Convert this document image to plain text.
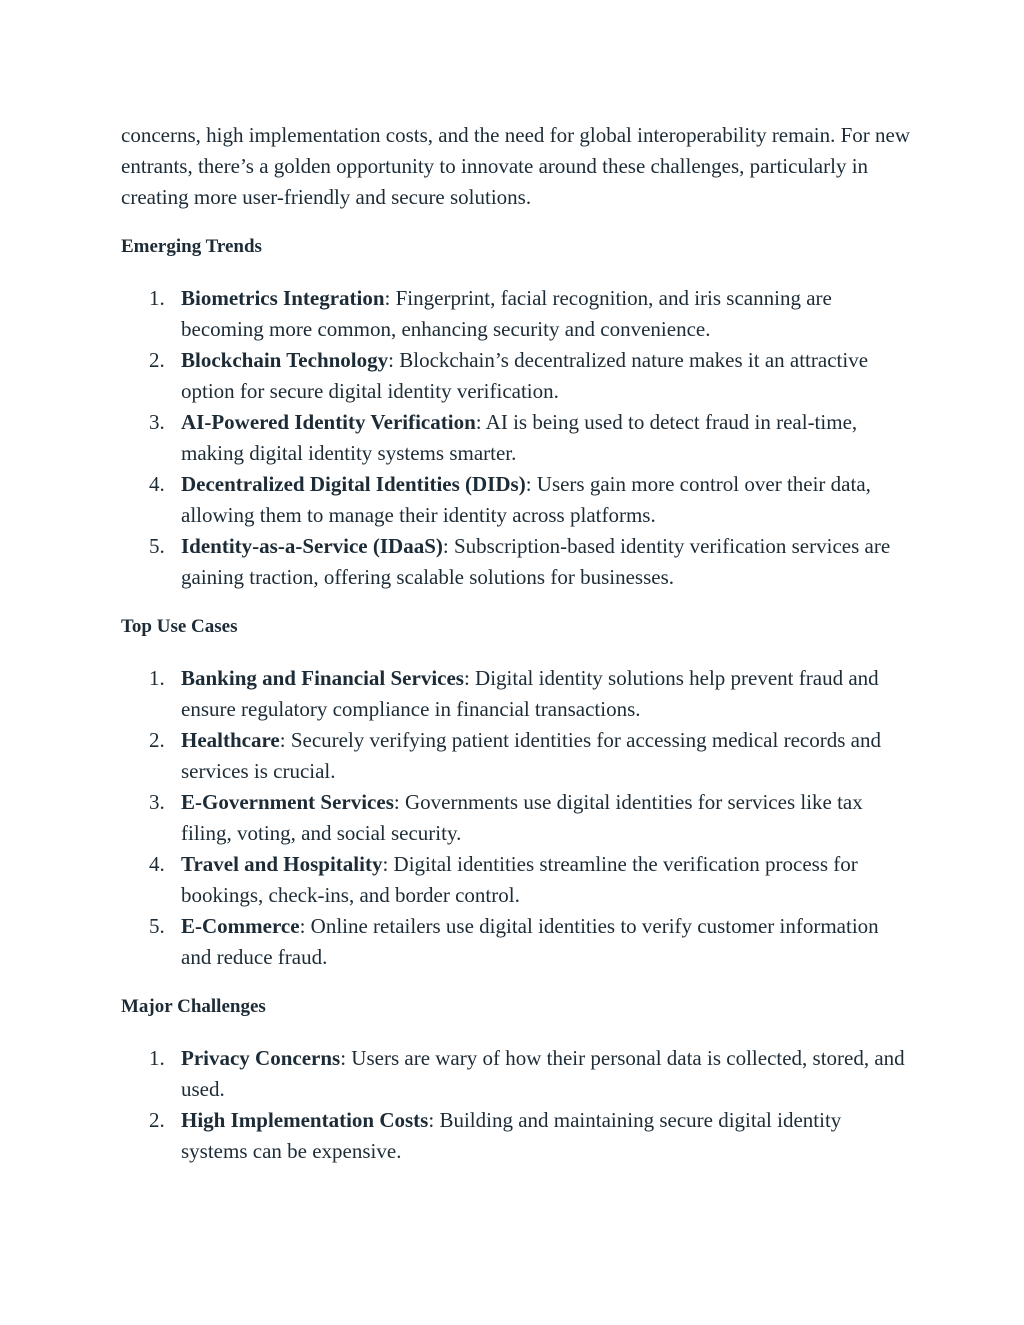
concerns, high implementation costs, and the need for global interoperability remain. For new entrants, there’s a golden opportunity to innovate around these challenges, particularly in creating more user-friendly and secure solutions.

Emerging Trends
1. Biometrics Integration: Fingerprint, facial recognition, and iris scanning are becoming more common, enhancing security and convenience.
2. Blockchain Technology: Blockchain’s decentralized nature makes it an attractive option for secure digital identity verification.
3. AI-Powered Identity Verification: AI is being used to detect fraud in real-time, making digital identity systems smarter.
4. Decentralized Digital Identities (DIDs): Users gain more control over their data, allowing them to manage their identity across platforms.
5. Identity-as-a-Service (IDaaS): Subscription-based identity verification services are gaining traction, offering scalable solutions for businesses.
Top Use Cases
1. Banking and Financial Services: Digital identity solutions help prevent fraud and ensure regulatory compliance in financial transactions.
2. Healthcare: Securely verifying patient identities for accessing medical records and services is crucial.
3. E-Government Services: Governments use digital identities for services like tax filing, voting, and social security.
4. Travel and Hospitality: Digital identities streamline the verification process for bookings, check-ins, and border control.
5. E-Commerce: Online retailers use digital identities to verify customer information and reduce fraud.
Major Challenges
1. Privacy Concerns: Users are wary of how their personal data is collected, stored, and used.
2. High Implementation Costs: Building and maintaining secure digital identity systems can be expensive.
